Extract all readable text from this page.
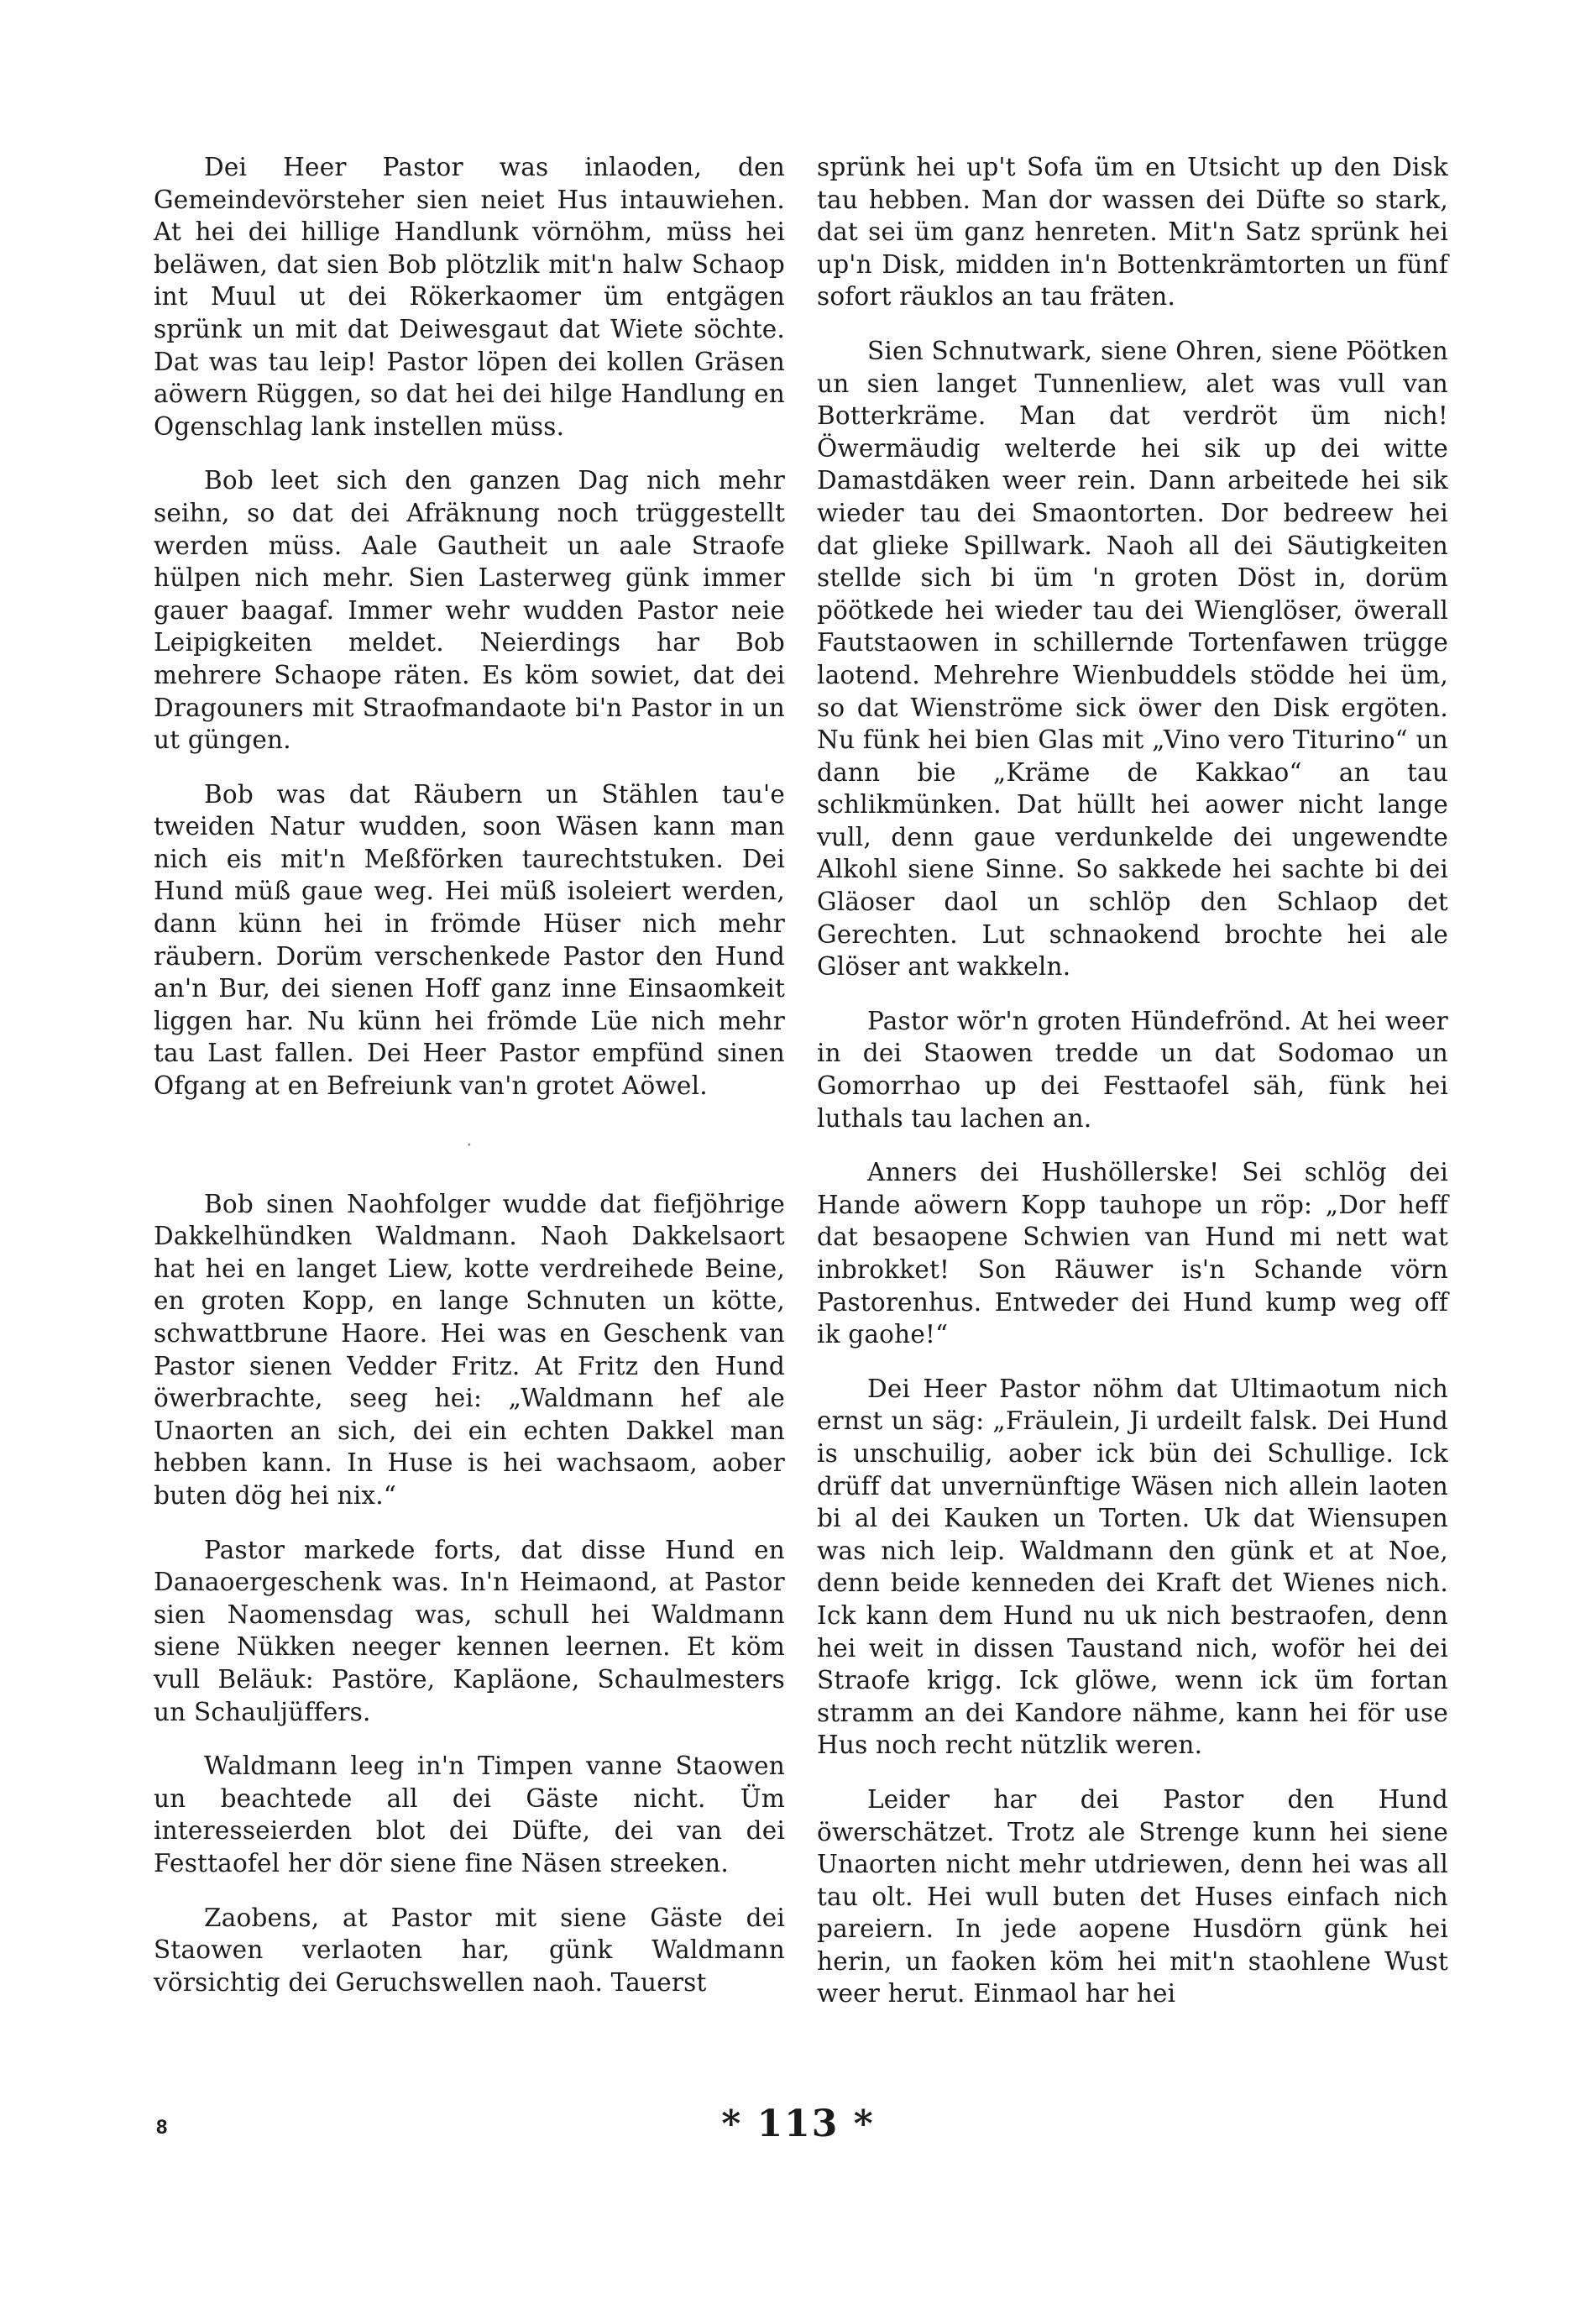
Dei Heer Pastor was inlaoden, den Gemeindevörsteher sien neiet Hus intauwiehen. At hei dei hillige Handlunk vörnöhm, müss hei beläwen, dat sien Bob plötzlik mit'n halw Schaop int Muul ut dei Rökerkaomer üm entgägen sprünk un mit dat Deiwesgaut dat Wiete söchte. Dat was tau leip! Pastor löpen dei kollen Gräsen aöwern Rüggen, so dat hei dei hilge Handlung en Ogenschlag lank instellen müss.

Bob leet sich den ganzen Dag nich mehr seihn, so dat dei Afräknung noch trüggestellt werden müss. Aale Gautheit un aale Straofe hülpen nich mehr. Sien Lasterweg günk immer gauer baagaf. Immer wehr wudden Pastor neie Leipigkeiten meldet. Neierdings har Bob mehrere Schaope räten. Es köm sowiet, dat dei Dragouners mit Straofmandaote bi'n Pastor in un ut güngen.

Bob was dat Räubern un Stählen tau'e tweiden Natur wudden, soon Wäsen kann man nich eis mit'n Meßförken taurechtstuken. Dei Hund müß gaue weg. Hei müß isoleiert werden, dann künn hei in frömde Hüser nich mehr räubern. Dorüm verschenkede Pastor den Hund an'n Bur, dei sienen Hoff ganz inne Einsaomkeit liggen har. Nu künn hei frömde Lüe nich mehr tau Last fallen. Dei Heer Pastor empfünd sinen Ofgang at en Befreiunk van'n grotet Aöwel.

·

Bob sinen Naohfolger wudde dat fiefjöhrige Dakkelhündken Waldmann. Naoh Dakkelsaort hat hei en langet Liew, kotte verdreihede Beine, en groten Kopp, en lange Schnuten un kötte, schwattbrune Haore. Hei was en Geschenk van Pastor sienen Vedder Fritz. At Fritz den Hund öwerbrachte, seeg hei: „Waldmann hef ale Unaorten an sich, dei ein echten Dakkel man hebben kann. In Huse is hei wachsaom, aober buten dög hei nix.“

Pastor markede forts, dat disse Hund en Danaoergeschenk was. In'n Heimaond, at Pastor sien Naomensdag was, schull hei Waldmann siene Nükken neeger kennen leernen. Et köm vull Beläuk: Pastöre, Kapläone, Schaulmesters un Schauljüffers.

Waldmann leeg in'n Timpen vanne Staowen un beachtede all dei Gäste nicht. Üm interesseierden blot dei Düfte, dei van dei Festtaofel her dör siene fine Näsen streeken.

Zaobens, at Pastor mit siene Gäste dei Staowen verlaoten har, günk Waldmann vörsichtig dei Geruchswellen naoh. Tauerst

sprünk hei up't Sofa üm en Utsicht up den Disk tau hebben. Man dor wassen dei Düfte so stark, dat sei üm ganz henreten. Mit'n Satz sprünk hei up'n Disk, midden in'n Bottenkrämtorten un fünf sofort räuklos an tau fräten.

Sien Schnutwark, siene Ohren, siene Pöötken un sien langet Tunnenliew, alet was vull van Botterkräme. Man dat verdröt üm nich! Öwermäudig welterde hei sik up dei witte Damastdäken weer rein. Dann arbeitede hei sik wieder tau dei Smaontorten. Dor bedreew hei dat glieke Spillwark. Naoh all dei Säutigkeiten stellde sich bi üm 'n groten Döst in, dorüm pöötkede hei wieder tau dei Wienglöser, öwerall Fautstaowen in schillernde Tortenfawen trügge laotend. Mehrehre Wienbuddels stödde hei üm, so dat Wienströme sick öwer den Disk ergöten. Nu fünk hei bien Glas mit „Vino vero Titurino“ un dann bie „Kräme de Kakkao“ an tau schlikmünken. Dat hüllt hei aower nicht lange vull, denn gaue verdunkelde dei ungewendte Alkohl siene Sinne. So sakkede hei sachte bi dei Gläoser daol un schlöp den Schlaop det Gerechten. Lut schnaokend brochte hei ale Glöser ant wakkeln.

Pastor wör'n groten Hündefrönd. At hei weer in dei Staowen tredde un dat Sodomao un Gomorrhao up dei Festtaofel säh, fünk hei luthals tau lachen an.

Anners dei Hushöllerske! Sei schlög dei Hande aöwern Kopp tauhope un röp: „Dor heff dat besaopene Schwien van Hund mi nett wat inbrokket! Son Räuwer is'n Schande vörn Pastorenhus. Entweder dei Hund kump weg off ik gaohe!“

Dei Heer Pastor nöhm dat Ultimaotum nich ernst un säg: „Fräulein, Ji urdeilt falsk. Dei Hund is unschuilig, aober ick bün dei Schullige. Ick drüff dat unvernünftige Wäsen nich allein laoten bi al dei Kauken un Torten. Uk dat Wiensupen was nich leip. Waldmann den günk et at Noe, denn beide kenneden dei Kraft det Wienes nich. Ick kann dem Hund nu uk nich bestraofen, denn hei weit in dissen Taustand nich, woför hei dei Straofe krigg. Ick glöwe, wenn ick üm fortan stramm an dei Kandore nähme, kann hei för use Hus noch recht nützlik weren.

Leider har dei Pastor den Hund öwerschätzet. Trotz ale Strenge kunn hei siene Unaorten nicht mehr utdriewen, denn hei was all tau olt. Hei wull buten det Huses einfach nich pareiern. In jede aopene Husdörn günk hei herin, un faoken köm hei mit'n staohlene Wust weer herut. Einmaol har hei

8	* 113 *
